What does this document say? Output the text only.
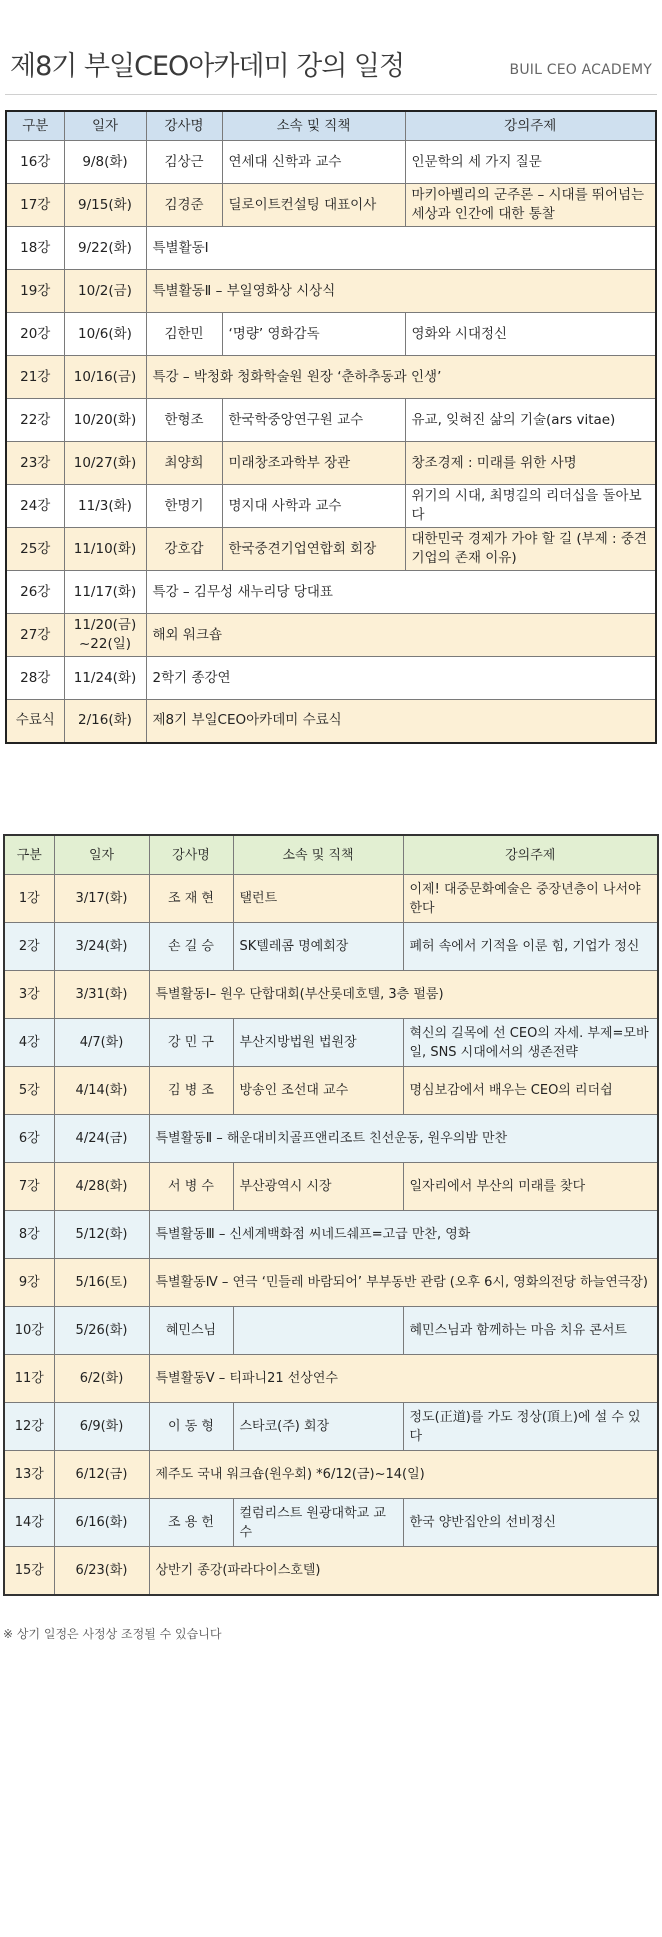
제8기 부일CEO아카데미 강의 일정	BUIL CEO ACADEMY
구분	일자	강사명	소속 및 직책	강의주제
16강	9/8(화)	김상근	연세대 신학과 교수	인문학의 세 가지 질문
17강	9/15(화)	김경준	딜로이트컨설팅 대표이사	마키아벨리의 군주론 – 시대를 뛰어넘는 세상과 인간에 대한 통찰
18강	9/22(화)	특별활동Ⅰ		
19강	10/2(금)	특별활동Ⅱ – 부일영화상 시상식		
20강	10/6(화)	김한민	‘명량’ 영화감독	영화와 시대정신
21강	10/16(금)	특강 – 박청화 청화학술원 원장 ‘춘하추동과 인생’		
22강	10/20(화)	한형조	한국학중앙연구원 교수	유교, 잊혀진 삶의 기술(ars vitae)
23강	10/27(화)	최양희	미래창조과학부 장관	창조경제 : 미래를 위한 사명
24강	11/3(화)	한명기	명지대 사학과 교수	위기의 시대, 최명길의 리더십을 돌아보다
25강	11/10(화)	강호갑	한국중견기업연합회 회장	대한민국 경제가 가야 할 길 (부제 : 중견기업의 존재 이유)
26강	11/17(화)	특강 – 김무성 새누리당 당대표		
27강	11/20(금) ~22(일)	해외 워크숍		
28강	11/24(화)	2학기 종강연		
수료식	2/16(화)	제8기 부일CEO아카데미 수료식		
구분	일자	강사명	소속 및 직책	강의주제
1강	3/17(화)	조 재 현	탤런트	이제! 대중문화예술은 중장년층이 나서야 한다
2강	3/24(화)	손 길 승	SK텔레콤 명예회장	폐허 속에서 기적을 이룬 힘, 기업가 정신
3강	3/31(화)	특별활동Ⅰ– 원우 단합대회(부산롯데호텔, 3층 펄룸)		
4강	4/7(화)	강 민 구	부산지방법원 법원장	혁신의 길목에 선 CEO의 자세. 부제=모바일, SNS 시대에서의 생존전략
5강	4/14(화)	김 병 조	방송인 조선대 교수	명심보감에서 배우는 CEO의 리더쉽
6강	4/24(금)	특별활동Ⅱ – 해운대비치골프앤리조트 친선운동, 원우의밤 만찬		
7강	4/28(화)	서 병 수	부산광역시 시장	일자리에서 부산의 미래를 찾다
8강	5/12(화)	특별활동Ⅲ – 신세계백화점 씨네드쉐프=고급 만찬, 영화		
9강	5/16(토)	특별활동Ⅳ – 연극 ‘민들레 바람되어’ 부부동반 관람 (오후 6시, 영화의전당 하늘연극장)		
10강	5/26(화)	혜민스님		혜민스님과 함께하는 마음 치유 콘서트
11강	6/2(화)	특별활동Ⅴ – 티파니21 선상연수		
12강	6/9(화)	이 동 형	스타코(주) 회장	정도(正道)를 가도 정상(頂上)에 설 수 있다
13강	6/12(금)	제주도 국내 워크숍(원우회) *6/12(금)~14(일)		
14강	6/16(화)	조 용 헌	컬럼리스트 원광대학교 교수	한국 양반집안의 선비정신
15강	6/23(화)	상반기 종강(파라다이스호텔)		
※ 상기 일정은 사정상 조정될 수 있습니다
